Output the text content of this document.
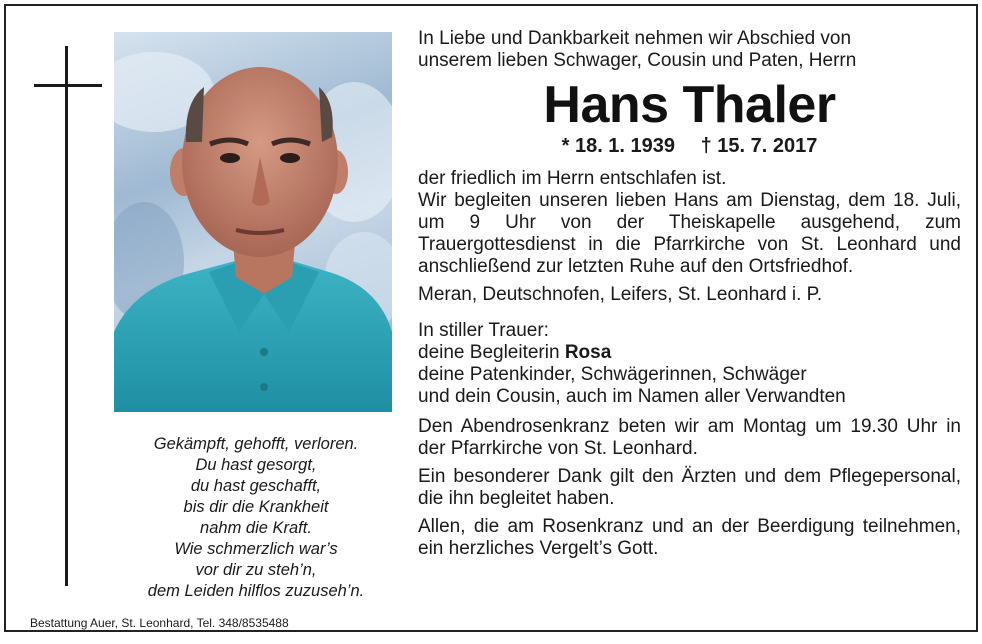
Gekämpft, gehofft, verloren.
Du hast gesorgt,
du hast geschafft,
bis dir die Krankheit
nahm die Kraft.
Wie schmerzlich war’s
vor dir zu steh’n,
dem Leiden hilflos zuzuseh’n.
Bestattung Auer, St. Leonhard, Tel. 348/8535488
In Liebe und Dankbarkeit nehmen wir Abschied von
unserem lieben Schwager, Cousin und Paten, Herrn
Hans Thaler
* 18. 1. 1939 † 15. 7. 2017
der friedlich im Herrn entschlafen ist.
Wir begleiten unseren lieben Hans am Dienstag, dem 18. Juli, um 9 Uhr von der Theiskapelle ausgehend, zum Trauergottesdienst in die Pfarrkirche von St. Leonhard und anschließend zur letzten Ruhe auf den Ortsfriedhof.
Meran, Deutschnofen, Leifers, St. Leonhard i. P.
In stiller Trauer:
deine Begleiterin Rosa
deine Patenkinder, Schwägerinnen, Schwäger
und dein Cousin, auch im Namen aller Verwandten
Den Abendrosenkranz beten wir am Montag um 19.30 Uhr in der Pfarrkirche von St. Leonhard.
Ein besonderer Dank gilt den Ärzten und dem Pflegepersonal, die ihn begleitet haben.
Allen, die am Rosenkranz und an der Beerdigung teilnehmen, ein herzliches Vergelt’s Gott.
